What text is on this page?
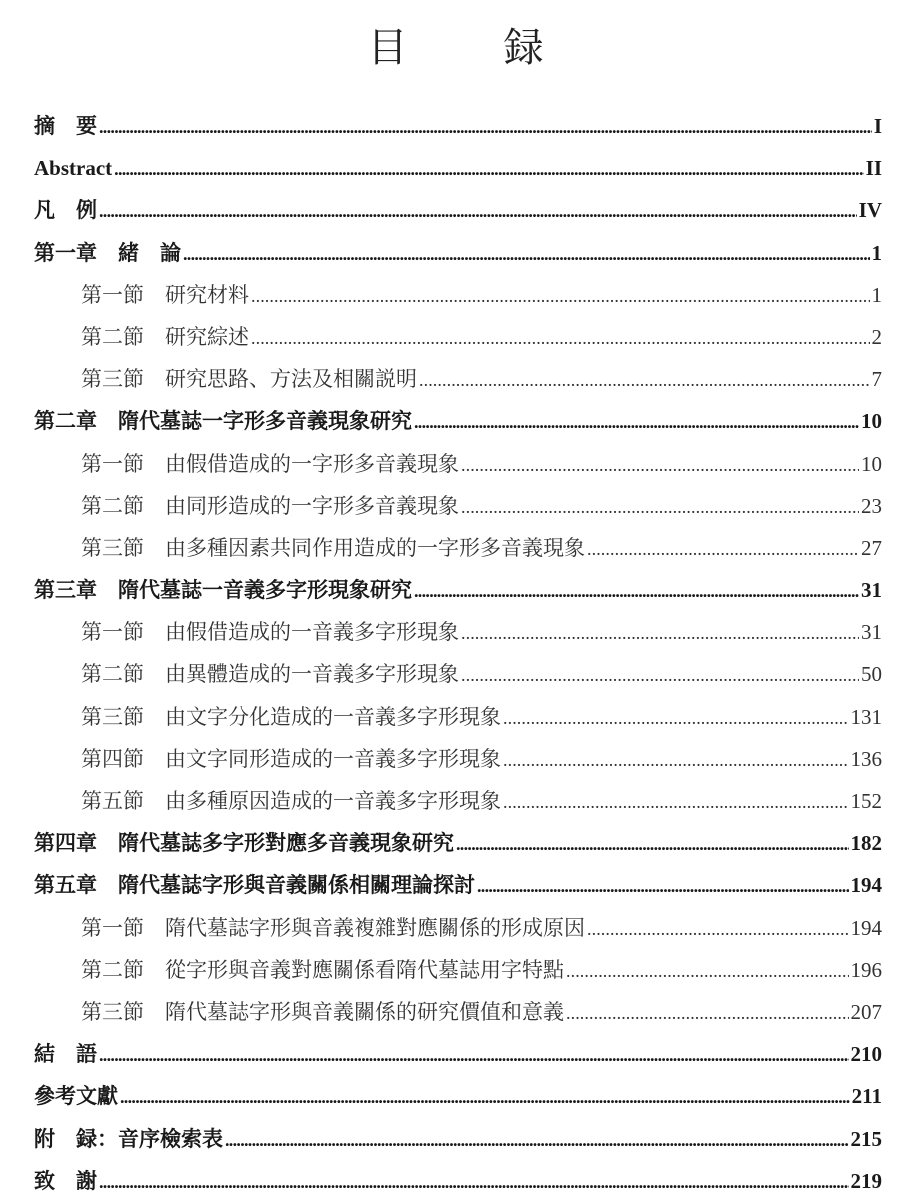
目　録
摘　要 . . .	I
Abstract . . .	II
凡　例 . . .	IV
第一章　緒　論 . . .	1
第一節　研究材料 . . .	1
第二節　研究綜述 . . .	2
第三節　研究思路、方法及相關説明 . . .	7
第二章　隋代墓誌一字形多音義現象研究 . . .	10
第一節　由假借造成的一字形多音義現象 . . .	10
第二節　由同形造成的一字形多音義現象 . . .	23
第三節　由多種因素共同作用造成的一字形多音義現象 . . .	27
第三章　隋代墓誌一音義多字形現象研究 . . .	31
第一節　由假借造成的一音義多字形現象 . . .	31
第二節　由異體造成的一音義多字形現象 . . .	50
第三節　由文字分化造成的一音義多字形現象 . . .	131
第四節　由文字同形造成的一音義多字形現象 . . .	136
第五節　由多種原因造成的一音義多字形現象 . . .	152
第四章　隋代墓誌多字形對應多音義現象研究 . . .	182
第五章　隋代墓誌字形與音義關係相關理論探討 . . .	194
第一節　隋代墓誌字形與音義複雜對應關係的形成原因 . . .	194
第二節　從字形與音義對應關係看隋代墓誌用字特點 . . .	196
第三節　隋代墓誌字形與音義關係的研究價值和意義 . . .	207
結　語 . . .	210
參考文獻 . . .	211
附　録：音序檢索表 . . .	215
致　謝 . . .	219
